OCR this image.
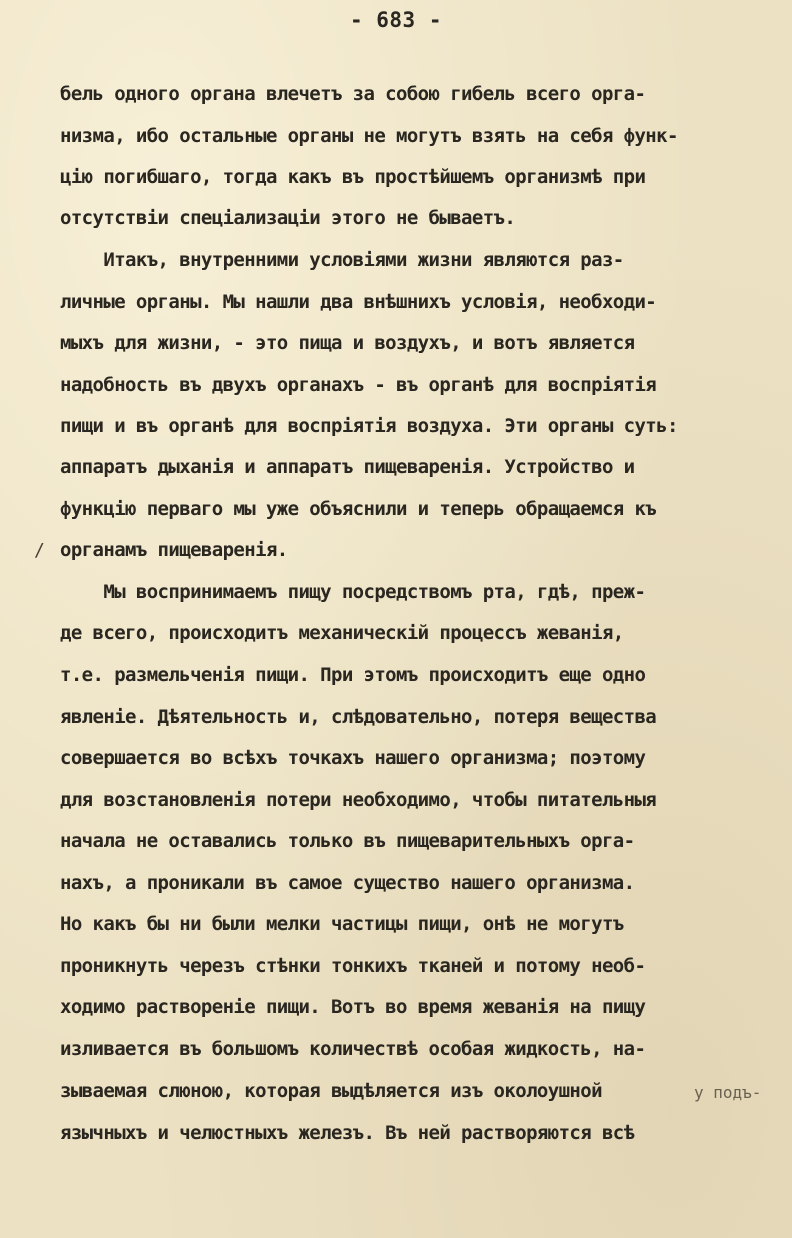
- 683 -
бель одного органа влечетъ за собою гибель всего орга-
низма, ибо остальные органы не могутъ взять на себя функ-
цію погибшаго, тогда какъ въ простѣйшемъ организмѣ при
отсутствіи спеціализаціи этого не бываетъ.
Итакъ, внутренними условіями жизни являются раз-
личные органы. Мы нашли два внѣшнихъ условія, необходи-
мыхъ для жизни, - это пища и воздухъ, и вотъ является
надобность въ двухъ органахъ - въ органѣ для воспріятія
пищи и въ органѣ для воспріятія воздуха. Эти органы суть:
аппаратъ дыханія и аппаратъ пищеваренія. Устройство и
функцію перваго мы уже объяснили и теперь обращаемся къ
органамъ пищеваренія.
Мы воспринимаемъ пищу посредствомъ рта, гдѣ, преж-
де всего, происходитъ механическій процессъ жеванія,
т.е. размельченія пищи. При этомъ происходитъ еще одно
явленіе. Дѣятельность и, слѣдовательно, потеря вещества
совершается во всѣхъ точкахъ нашего организма; поэтому
для возстановленія потери необходимо, чтобы питательныя
начала не оставались только въ пищеварительныхъ орга-
нахъ, а проникали въ самое существо нашего организма.
Но какъ бы ни были мелки частицы пищи, онѣ не могутъ
проникнуть черезъ стѣнки тонкихъ тканей и потому необ-
ходимо раствореніе пищи. Вотъ во время жеванія на пищу
изливается въ большомъ количествѣ особая жидкость, на-
зываемая слюною, которая выдѣляется изъ околоушной
язычныхъ и челюстныхъ железъ. Въ ней растворяются всѣ
/
у подъ-
